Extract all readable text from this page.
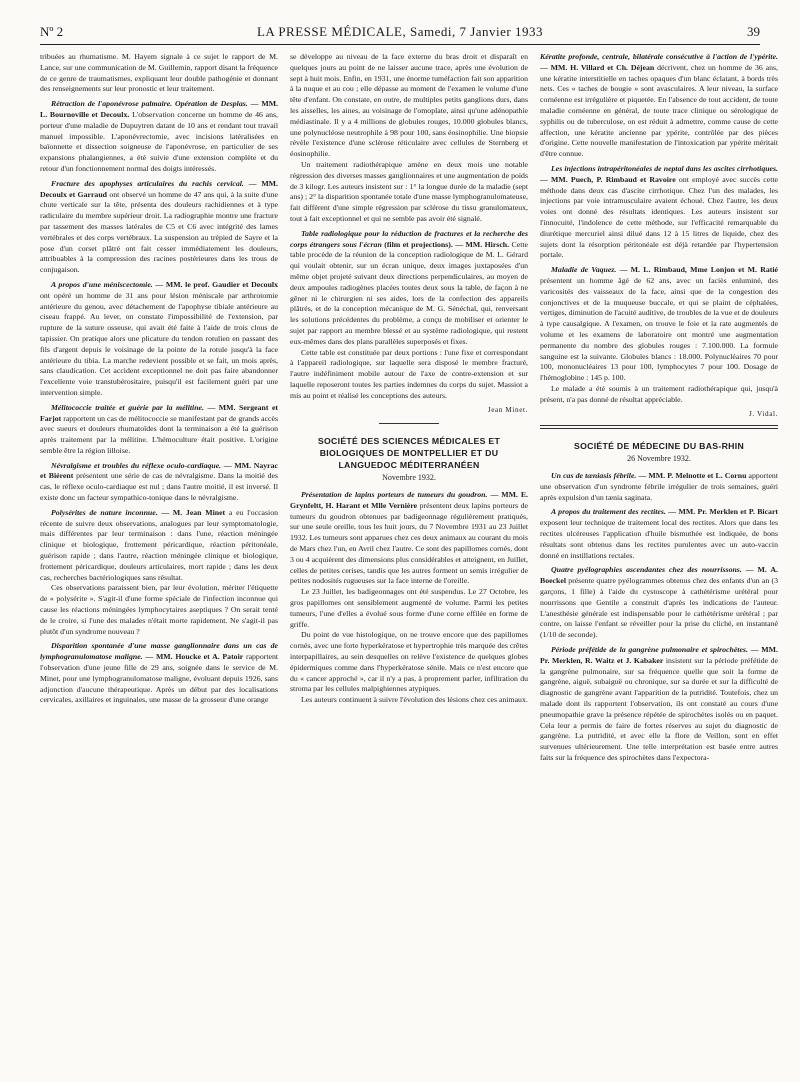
Nº 2	LA PRESSE MÉDICALE, Samedi, 7 Janvier 1933	39

tribuées au rhumatisme. M. Hayem signale à ce sujet le rapport de M. Lance, sur une communication de M. Guillemin, rapport disant la fréquence de ce genre de traumatismes, expliquant leur double pathogénie et donnant des renseignements sur leur pronostic et leur traitement.

Rétraction de l'aponévrose palmaire. Opération de Desplas. — MM. L. Bournoville et Decoulx. L'observation concerne un homme de 46 ans, porteur d'une maladie de Dupuytren datant de 10 ans et rendant tout travail manuel impossible. L'aponévrectomie, avec incisions latéralisées en baïonnette et dissection soigneuse de l'aponévrose, en particulier de ses expansions phalangiennes, a été suivie d'une extension complète et du retour d'un fonctionnement normal des doigts intéressés.

Fracture des apophyses articulaires du rachis cervical. — MM. Decoulx et Garraud ont observé un homme de 47 ans qui, à la suite d'une chute verticale sur la tête, présenta des douleurs rachidiennes et à type radiculaire du membre supérieur droit. La radiographie montre une fracture par tassement des masses latérales de C5 et C6 avec intégrité des lames vertébrales et des corps vertébraux. La suspension au trépied de Sayre et la pose d'un corset plâtré ont fait cesser immédiatement les douleurs, attribuables à la compression des racines postérieures dans les trous de conjugaison.

A propos d'une méniscectomie. — MM. le prof. Gaudier et Decoulx ont opéré un homme de 31 ans pour lésion méniscale par arthrotomie antérieure du genou, avec détachement de l'apophyse tibiale antérieure au ciseau frappé. Au lever, on constate l'impossibilité de l'extension, par rupture de la suture osseuse, qui avait été faite à l'aide de trois clous de tapissier. On pratique alors une plicature du tendon rotulien en passant des fils d'argent depuis le voisinage de la pointe de la rotule jusqu'à la face antérieure du tibia. La marche redevient possible et se fait, un mois après, sans claudication. Cet accident exceptionnel ne doit pas faire abandonner l'excellente voie transtubérositaire, puisqu'il est facilement guéri par une intervention simple.

Mélitococcie traitée et guérie par la mélitine. — MM. Sergeant et Farjot rapportent un cas de mélitococcie se manifestant par de grands accès avec sueurs et douleurs rhumatoïdes dont la terminaison a été la guérison après traitement par la mélitine. L'hémoculture était positive. L'origine semble être la région lilloise.

Névralgisme et troubles du réflexe oculo-cardiaque. — MM. Nayrac et Biérent présentent une série de cas de névralgisme. Dans la moitié des cas, le réflexe oculo-cardiaque est nul ; dans l'autre moitié, il est inversé. Il existe donc un facteur sympathico-tonique dans le névralgisme.

Polysérites de nature inconnue. — M. Jean Minet a eu l'occasion récente de suivre deux observations, analogues par leur symptomatologie, mais différentes par leur terminaison : dans l'une, réaction méningée clinique et biologique, frottement péricardique, réaction péritonéale, guérison rapide ; dans l'autre, réaction méningée clinique et biologique, frottement péricardique, douleurs articulaires, mort rapide ; dans les deux cas, recherches bactériologiques sans résultat.

Ces observations paraissent bien, par leur évolution, mériter l'étiquette de « polysérite ». S'agit-il d'une forme spéciale de l'infection inconnue qui cause les réactions méningées lymphocytaires aseptiques ? On serait tenté de le croire, si l'une des malades n'était morte rapidement. Ne s'agit-il pas plutôt d'un syndrome nouveau ?

Disparition spontanée d'une masse ganglionnaire dans un cas de lymphogranulomatose maligne. — MM. Houcke et A. Patoir rapportent l'observation d'une jeune fille de 29 ans, soignée dans le service de M. Minet, pour une lymphogranulomatose maligne, évoluant depuis 1926, sans adjonction d'aucune thérapeutique. Après un début par des localisations cervicales, axillaires et inguinales, une masse de la grosseur d'une orange

se développe au niveau de la face externe du bras droit et disparaît en quelques jours au point de ne laisser aucune trace, après une évolution de sept à huit mois. Enfin, en 1931, une énorme tuméfaction fait son apparition à la nuque et au cou ; elle dépasse au moment de l'examen le volume d'une tête d'enfant. On constate, en outre, de multiples petits ganglions durs, dans les aisselles, les aines, au voisinage de l'omoplate, ainsi qu'une adénopathie médiastinale. Il y a 4 millions de globules rouges, 10.000 globules blancs, une polynucléose neutrophile à 98 pour 100, sans éosinophilie. Une biopsie révèle l'existence d'une sclérose réticulaire avec cellules de Sternberg et éosinophilie.

Un traitement radiothérapique amène en deux mois une notable régression des diverses masses ganglionnaires et une augmentation de poids de 3 kilogr. Les auteurs insistent sur : 1° la longue durée de la maladie (sept ans) ; 2° la disparition spontanée totale d'une masse lymphogranulomateuse, fait différent d'une simple régression par sclérose du tissu granulomateux, tout à fait exceptionnel et qui ne semble pas avoir été signalé.

Table radiologique pour la réduction de fractures et la recherche des corps étrangers sous l'écran (film et projections). — MM. Hirsch. Cette table procède de la réunion de la conception radiologique de M. L. Gérard qui voulait obtenir, sur un écran unique, deux images juxtaposées d'un même objet projeté suivant deux directions perpendiculaires, au moyen de deux ampoules radiogènes placées toutes deux sous la table, de façon à ne gêner ni le chirurgien ni ses aides, lors de la confection des appareils plâtrés, et de la conception mécanique de M. G. Sénéchal, qui, renversant les solutions précédentes du problème, a conçu de mobiliser et orienter le sujet par rapport au membre blessé et au système radiologique, qui restent eux-mêmes dans des plans parallèles superposés et fixes.

Cette table est constituée par deux portions : l'une fixe et correspondant à l'appareil radiologique, sur laquelle sera disposé le membre fracturé, l'autre indéfiniment mobile autour de l'axe de contre-extension et sur laquelle reposeront toutes les parties indemnes du corps du sujet. Massiot a mis au point et réalisé les conceptions des auteurs.

Jean Minet.
SOCIÉTÉ DES SCIENCES MÉDICALES ET BIOLOGIQUES DE MONTPELLIER ET DU LANGUEDOC MÉDITERRANÉEN
Novembre 1932.

Présentation de lapins porteurs de tumeurs du goudron. — MM. E. Grynfeltt, H. Harant et Mlle Vernière présentent deux lapins porteurs de tumeurs du goudron obtenues par badigeonnage régulièrement pratiqués, sur une seule oreille, tous les huit jours, du 7 Novembre 1931 au 23 Juillet 1932. Les tumeurs sont apparues chez ces deux animaux au courant du mois de Mars chez l'un, en Avril chez l'autre. Ce sont des papillomes cornés, dont 3 ou 4 acquièrent des dimensions plus considérables et atteignent, en Juillet, celles de petites cerises, tandis que les autres forment un semis irrégulier de petites nodosités rugueuses sur la face interne de l'oreille.

Le 23 Juillet, les badigeonnages ont été suspendus. Le 27 Octobre, les gros papillomes ont sensiblement augmenté de volume. Parmi les petites tumeurs, l'une d'elles a évolué sous forme d'une corne effilée en forme de griffe.

Du point de vue histologique, on ne trouve encore que des papillomes cornés, avec une forte hyperkératose et hypertrophie très marquée des crêtes interpapillaires, au sein desquelles on relève l'existence de quelques globes épidermiques comme dans l'hyperkératose sénile. Mais ce n'est encore que du « cancer approché », car il n'y a pas, à proprement parler, infiltration du stroma par les cellules malpighiennes atypiques.

Les auteurs continuent à suivre l'évolution des lésions chez ces animaux.

Kératite profonde, centrale, bilatérale consécutive à l'action de l'ypérite. — MM. H. Villard et Ch. Déjean décrivent, chez un homme de 36 ans, une kératite interstitielle en taches opaques d'un blanc éclatant, à bords très nets. Ces « taches de bougie » sont avasculaires. A leur niveau, la surface cornéenne est irrégulière et piquetée. En l'absence de tout accident, de toute maladie cornéenne en général, de toute trace clinique ou sérologique de syphilis ou de tuberculose, on est réduit à admettre, comme cause de cette affection, une kératite ancienne par ypérite, contrôlée par des pièces d'origine. Cette nouvelle manifestation de l'intoxication par ypérite méritait d'être connue.

Les injections intrapéritonéales de neptal dans les ascites cirrhotiques. — MM. Puech, P. Rimbaud et Ravoire ont employé avec succès cette méthode dans deux cas d'ascite cirrhotique. Chez l'un des malades, les injections par voie intramusculaire avaient échoué. Chez l'autre, les deux voies ont donné des résultats identiques. Les auteurs insistent sur l'innocuité, l'indolence de cette méthode, sur l'efficacité remarquable du diurétique mercuriel ainsi dilué dans 12 à 15 litres de liquide, chez des sujets dont la résorption péritonéale est déjà retardée par l'hypertension portale.

Maladie de Vaquez. — M. L. Rimbaud, Mme Lonjon et M. Ratié présentent un homme âgé de 62 ans, avec un faciès enluminé, des varicosités des vaisseaux de la face, ainsi que de la congestion des conjonctives et de la muqueuse buccale, et qui se plaint de céphalées, vertiges, diminution de l'acuité auditive, de troubles de la vue et de douleurs à type causalgique. A l'examen, on trouve le foie et la rate augmentés de volume et les examens de laboratoire ont montré une augmentation permanente du nombre des globules rouges : 7.100.000. La formule sanguine est la suivante. Globules blancs : 18.000. Polynucléaires 70 pour 100, mononucléaires 13 pour 100, lymphocytes 7 pour 100. Dosage de l'hémoglobine : 145 p. 100.

Le malade a été soumis à un traitement radiothérapique qui, jusqu'à présent, n'a pas donné de résultat appréciable.

J. Vidal.
SOCIÉTÉ DE MÉDECINE DU BAS-RHIN
26 Novembre 1932.

Un cas de tæniasis fébrile. — MM. P. Melnotte et L. Cornu apportent une observation d'un syndrome fébrile irrégulier de trois semaines, guéri après expulsion d'un tænia saginata.

A propos du traitement des rectites. — MM. Pr. Merklen et P. Bicart exposent leur technique de traitement local des rectites. Alors que dans les rectites ulcéreuses l'application d'huile bismuthée est indiquée, de bons résultats sont obtenus dans les rectites purulentes avec un auto-vaccin donné en instillations rectales.

Quatre pyélographies ascendantes chez des nourrissons. — M. A. Boeckel présente quatre pyélogrammes obtenus chez des enfants d'un an (3 garçons, 1 fille) à l'aide du cystoscope à cathétérisme urétéral pour nourrissons que Gentile a construit d'après les indications de l'auteur. L'anesthésie générale est indispensable pour le cathétérisme urétéral ; par contre, on laisse l'enfant se réveiller pour la prise du cliché, en instantané (1/10 de seconde).

Période préfétide de la gangrène pulmonaire et spirochètes. — MM. Pr. Merklen, R. Waitz et J. Kabaker insistent sur la période préfétide de la gangrène pulmonaire, sur sa fréquence quelle que soit la forme de gangrène, aiguë, subaiguë ou chronique, sur sa durée et sur la difficulté de diagnostic de gangrène avant l'apparition de la putridité. Toutefois, chez un malade dont ils rapportent l'observation, ils ont constaté au cours d'une pneumopathie grave la présence répétée de spirochètes isolés ou en paquet. Cela leur a permis de faire de fortes réserves au sujet du diagnostic de gangrène. La putridité, et avec elle la flore de Veillon, sont en effet survenues ultérieurement. Une telle interprétation est basée entre autres faits sur la fréquence des spirochètes dans l'expectora-
